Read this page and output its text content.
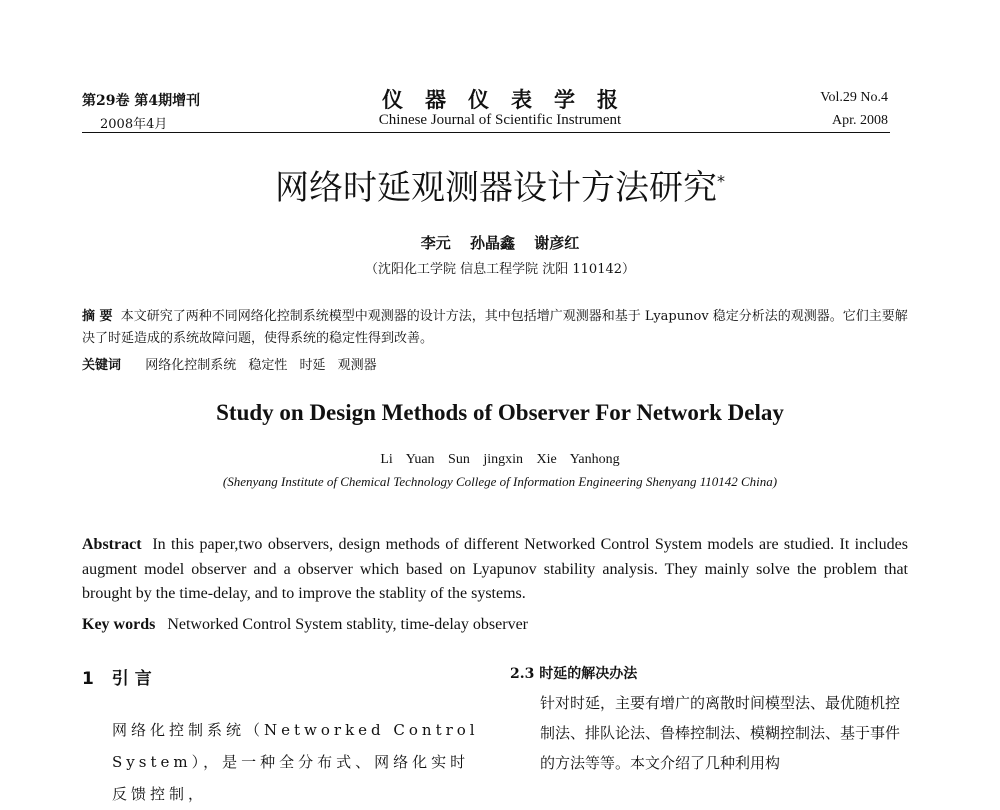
第29卷 第4期增刊
2008年4月
仪器仪表学报
Chinese Journal of Scientific Instrument
Vol.29 No.4
Apr. 2008
网络时延观测器设计方法研究*
李元 孙晶鑫 谢彦红
（沈阳化工学院 信息工程学院 沈阳 110142）
摘 要 本文研究了两种不同网络化控制系统模型中观测器的设计方法，其中包括增广观测器和基于 Lyapunov 稳定分析法的观测器。它们主要解决了时延造成的系统故障问题，使得系统的稳定性得到改善。
关键词 网络化控制系统 稳定性 时延 观测器
Study on Design Methods of Observer For Network Delay
Li Yuan Sun jingxin Xie Yanhong
(Shenyang Institute of Chemical Technology College of Information Engineering Shenyang 110142 China)
Abstract In this paper,two observers, design methods of different Networked Control System models are studied. It includes augment model observer and a observer which based on Lyapunov stability analysis. They mainly solve the problem that brought by the time-delay, and to improve the stablity of the systems.
Key words Networked Control System stablity, time-delay observer
1 引言
网络化控制系统（Networked Control System），是一种全分布式、网络化实时反馈控制，
2.3 时延的解决办法
针对时延，主要有增广的离散时间模型法、最优随机控制法、排队论法、鲁棒控制法、模糊控制法、基于事件的方法等等。本文介绍了几种利用构
